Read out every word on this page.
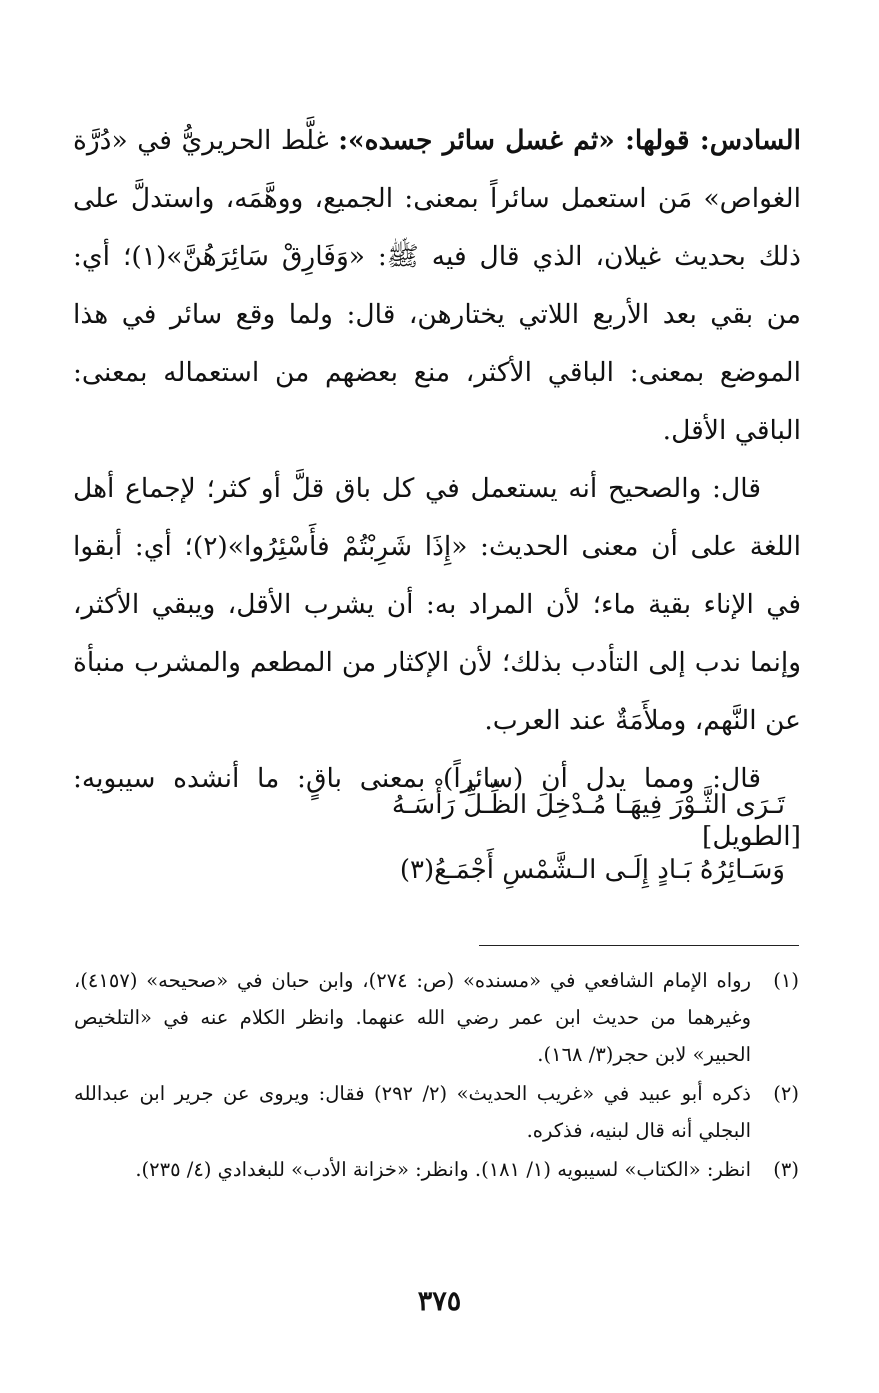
السادس: قولها: «ثم غسل سائر جسده»: غلَّط الحريريُّ في «دُرَّة الغواص» مَن استعمل سائراً بمعنى: الجميع، ووهَّمَه، واستدلَّ على ذلك بحديث غيلان، الذي قال فيه ﷺ: «وَفَارِقْ سَائِرَهُنَّ»(١)؛ أي: من بقي بعد الأربع اللاتي يختارهن، قال: ولما وقع سائر في هذا الموضع بمعنى: الباقي الأكثر، منع بعضهم من استعماله بمعنى: الباقي الأقل.

قال: والصحيح أنه يستعمل في كل باق قلَّ أو كثر؛ لإجماع أهل اللغة على أن معنى الحديث: «إِذَا شَرِبْتُمْ فأَسْئِرُوا»(٢)؛ أي: أبقوا في الإناء بقية ماء؛ لأن المراد به: أن يشرب الأقل، ويبقي الأكثر، وإنما ندب إلى التأدب بذلك؛ لأن الإكثار من المطعم والمشرب منبأة عن النَّهم، وملأَمَةٌ عند العرب.

قال: ومما يدل أن (سائراً) بمعنى باقٍ: ما أنشده سيبويه: [الطويل]

تَـرَى الثَّـوْرَ فِيهَـا مُـدْخِلَ الظِّـلِّ رَأْسَـهُ
وَسَـائِرُهُ بَـادٍ إِلَـى الـشَّمْسِ أَجْمَـعُ(٣)
(١)
رواه الإمام الشافعي في «مسنده» (ص: ٢٧٤)، وابن حبان في «صحيحه» (٤١٥٧)، وغيرهما من حديث ابن عمر رضي الله عنهما. وانظر الكلام عنه في «التلخيص الحبير» لابن حجر(٣/ ١٦٨).
(٢)
ذكره أبو عبيد في «غريب الحديث» (٢/ ٢٩٢) فقال: ويروى عن جرير ابن عبدالله البجلي أنه قال لبنيه، فذكره.
(٣)
انظر: «الكتاب» لسيبويه (١/ ١٨١). وانظر: «خزانة الأدب» للبغدادي (٤/ ٢٣٥).
٣٧٥
